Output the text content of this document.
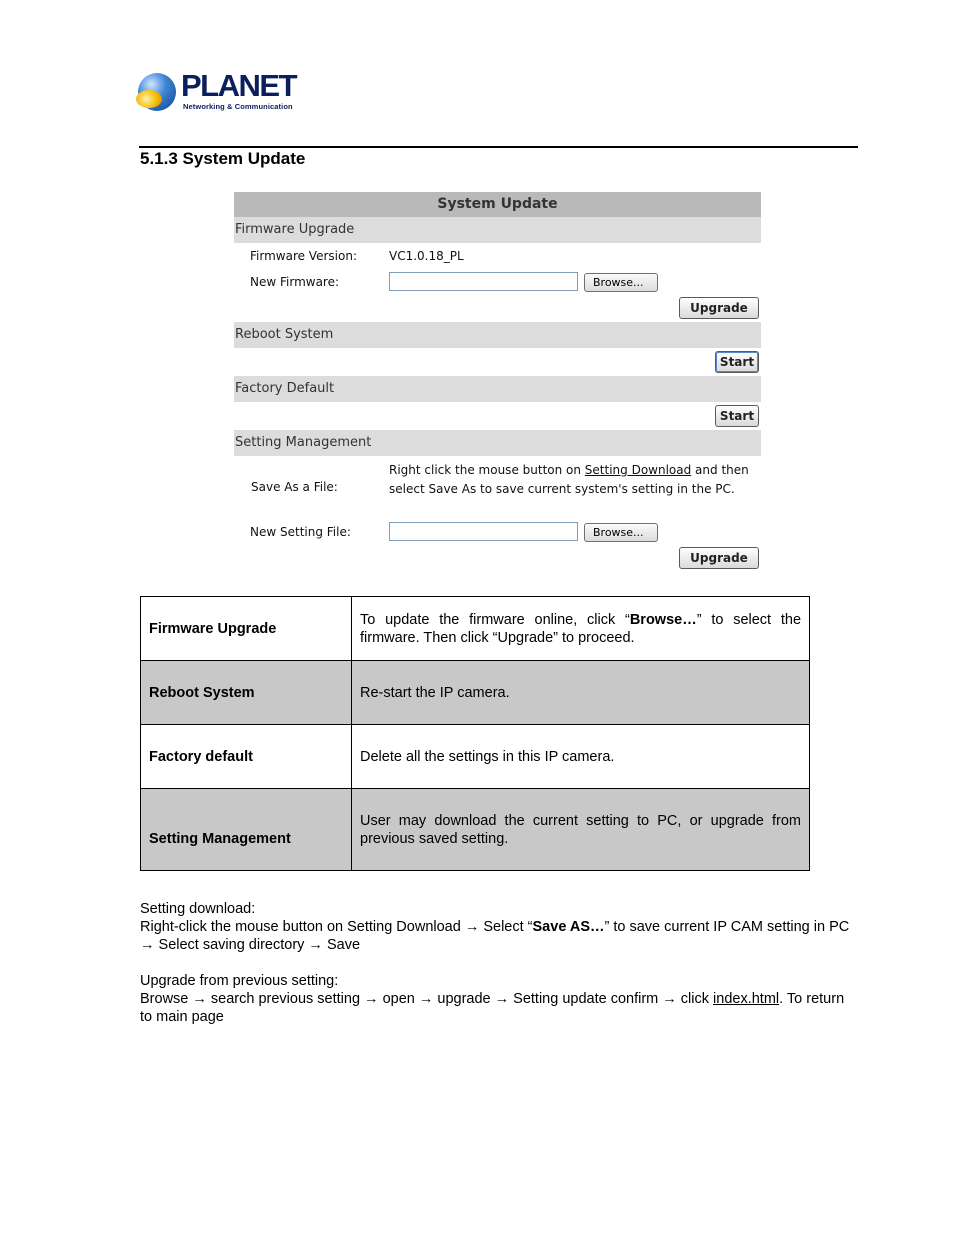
PLANET
Networking & Communication
5.1.3 System Update
System Update
Firmware Upgrade
Firmware Version:	VC1.0.18_PL
New Firmware:	Browse...
Upgrade
Reboot System
Start
Factory Default
Start
Setting Management
Save As a File:
Right click the mouse button on Setting Download and then select Save As to save current system's setting in the PC.
New Setting File:	Browse...
Upgrade
Firmware Upgrade	To update the firmware online, click “Browse…” to select the firmware. Then click “Upgrade” to proceed.
Reboot System	Re-start the IP camera.
Factory default	Delete all the settings in this IP camera.
Setting Management	User may download the current setting to PC, or upgrade from previous saved setting.
Setting download:
Right-click the mouse button on Setting Download → Select “Save AS…” to save current IP CAM setting in PC → Select saving directory → Save
Upgrade from previous setting:
Browse → search previous setting → open → upgrade → Setting update confirm → click index.html. To return to main page
